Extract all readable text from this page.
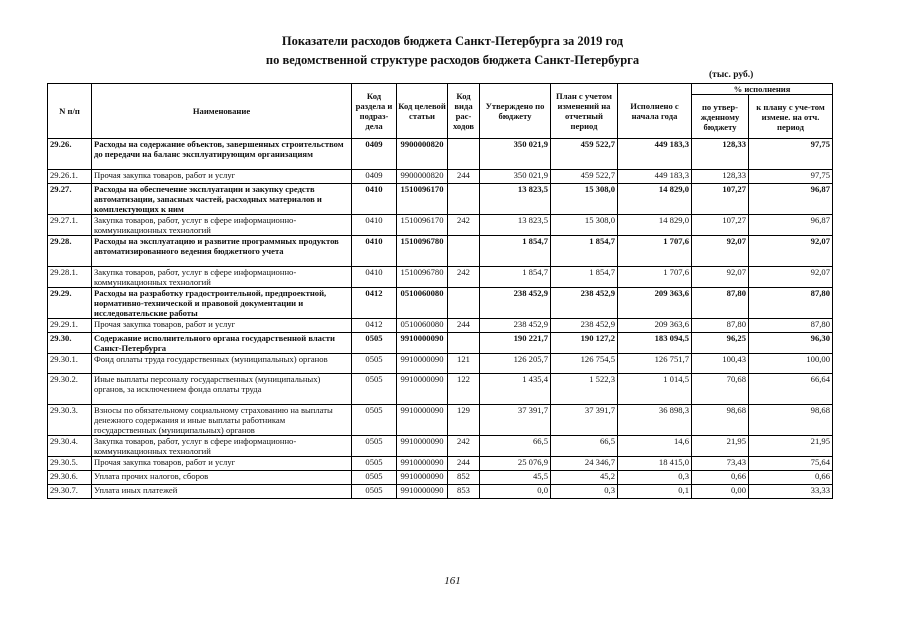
Показатели расходов бюджета Санкт-Петербурга за 2019 год
по ведомственной структуре расходов бюджета Санкт-Петербурга
(тыс. руб.)
N п/п	Наименование	Код раздела и подраз-дела	Код целевой статьи	Код вида рас-ходов	Утверждено по бюджету	План с учетом изменений на отчетный период	Исполнено с начала года	% исполнения	
								по утвер-жденному бюджету	к плану с уче-том измене. на отч. период
29.26.	Расходы на содержание объектов, завершенных строительством до передачи на баланс эксплуатирующим организациям	0409	9900000820		350 021,9	459 522,7	449 183,3	128,33	97,75
29.26.1.	Прочая закупка товаров, работ и услуг	0409	9900000820	244	350 021,9	459 522,7	449 183,3	128,33	97,75
29.27.	Расходы на обеспечение эксплуатации и закупку средств автоматизации, запасных частей, расходных материалов и комплектующих к ним	0410	1510096170		13 823,5	15 308,0	14 829,0	107,27	96,87
29.27.1.	Закупка товаров, работ, услуг в сфере информационно-коммуникационных технологий	0410	1510096170	242	13 823,5	15 308,0	14 829,0	107,27	96,87
29.28.	Расходы на эксплуатацию и развитие программных продуктов автоматизированного ведения бюджетного учета	0410	1510096780		1 854,7	1 854,7	1 707,6	92,07	92,07
29.28.1.	Закупка товаров, работ, услуг в сфере информационно-коммуникационных технологий	0410	1510096780	242	1 854,7	1 854,7	1 707,6	92,07	92,07
29.29.	Расходы на разработку градостроительной, предпроектной, нормативно-технической и правовой документации и исследовательские работы	0412	0510060080		238 452,9	238 452,9	209 363,6	87,80	87,80
29.29.1.	Прочая закупка товаров, работ и услуг	0412	0510060080	244	238 452,9	238 452,9	209 363,6	87,80	87,80
29.30.	Содержание исполнительного органа государственной власти Санкт-Петербурга	0505	9910000090		190 221,7	190 127,2	183 094,5	96,25	96,30
29.30.1.	Фонд оплаты труда государственных (муниципальных) органов	0505	9910000090	121	126 205,7	126 754,5	126 751,7	100,43	100,00
29.30.2.	Иные выплаты персоналу государственных (муниципальных) органов, за исключением фонда оплаты труда	0505	9910000090	122	1 435,4	1 522,3	1 014,5	70,68	66,64
29.30.3.	Взносы по обязательному социальному страхованию на выплаты денежного содержания и иные выплаты работникам государственных (муниципальных) органов	0505	9910000090	129	37 391,7	37 391,7	36 898,3	98,68	98,68
29.30.4.	Закупка товаров, работ, услуг в сфере информационно-коммуникационных технологий	0505	9910000090	242	66,5	66,5	14,6	21,95	21,95
29.30.5.	Прочая закупка товаров, работ и услуг	0505	9910000090	244	25 076,9	24 346,7	18 415,0	73,43	75,64
29.30.6.	Уплата прочих налогов, сборов	0505	9910000090	852	45,5	45,2	0,3	0,66	0,66
29.30.7.	Уплата иных платежей	0505	9910000090	853	0,0	0,3	0,1	0,00	33,33
161
